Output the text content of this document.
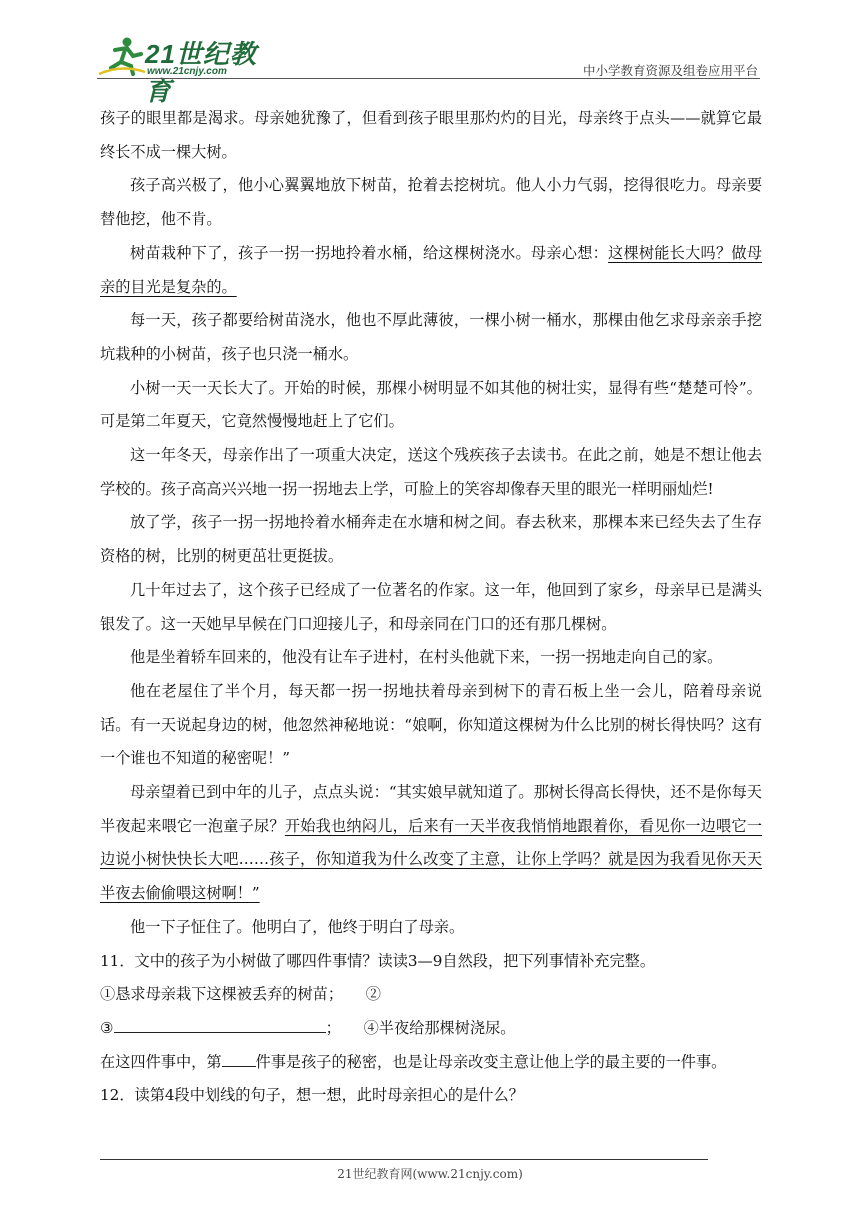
21世纪教育
www.21cnjy.com	中小学教育资源及组卷应用平台

孩子的眼里都是渴求。母亲她犹豫了，但看到孩子眼里那灼灼的目光，母亲终于点头——就算它最终长不成一棵大树。

孩子高兴极了，他小心翼翼地放下树苗，抢着去挖树坑。他人小力气弱，挖得很吃力。母亲要替他挖，他不肯。

树苗栽种下了，孩子一拐一拐地拎着水桶，给这棵树浇水。母亲心想：这棵树能长大吗？做母亲的目光是复杂的。

每一天，孩子都要给树苗浇水，他也不厚此薄彼，一棵小树一桶水，那棵由他乞求母亲亲手挖坑栽种的小树苗，孩子也只浇一桶水。

小树一天一天长大了。开始的时候，那棵小树明显不如其他的树壮实，显得有些“楚楚可怜”。可是第二年夏天，它竟然慢慢地赶上了它们。

这一年冬天，母亲作出了一项重大决定，送这个残疾孩子去读书。在此之前，她是不想让他去学校的。孩子高高兴兴地一拐一拐地去上学，可脸上的笑容却像春天里的眼光一样明丽灿烂!

放了学，孩子一拐一拐地拎着水桶奔走在水塘和树之间。春去秋来，那棵本来已经失去了生存资格的树，比别的树更茁壮更挺拔。

几十年过去了，这个孩子已经成了一位著名的作家。这一年，他回到了家乡，母亲早已是满头银发了。这一天她早早候在门口迎接儿子，和母亲同在门口的还有那几棵树。

他是坐着轿车回来的，他没有让车子进村，在村头他就下来，一拐一拐地走向自己的家。

他在老屋住了半个月，每天都一拐一拐地扶着母亲到树下的青石板上坐一会儿，陪着母亲说话。有一天说起身边的树，他忽然神秘地说：“娘啊，你知道这棵树为什么比别的树长得快吗？这有一个谁也不知道的秘密呢！”

母亲望着已到中年的儿子，点点头说：“其实娘早就知道了。那树长得高长得快，还不是你每天半夜起来喂它一泡童子尿？开始我也纳闷儿，后来有一天半夜我悄悄地跟着你，看见你一边喂它一边说小树快快长大吧……孩子，你知道我为什么改变了主意，让你上学吗？就是因为我看见你天天半夜去偷偷喂这树啊！”

他一下子怔住了。他明白了，他终于明白了母亲。

11．文中的孩子为小树做了哪四件事情？读读3—9自然段，把下列事情补充完整。

①恳求母亲栽下这棵被丢弃的树苗；   ②

③	；   ④半夜给那棵树浇尿。

在这四件事中，第 件事是孩子的秘密，也是让母亲改变主意让他上学的最主要的一件事。

12．读第4段中划线的句子，想一想，此时母亲担心的是什么？

21世纪教育网(www.21cnjy.com)
